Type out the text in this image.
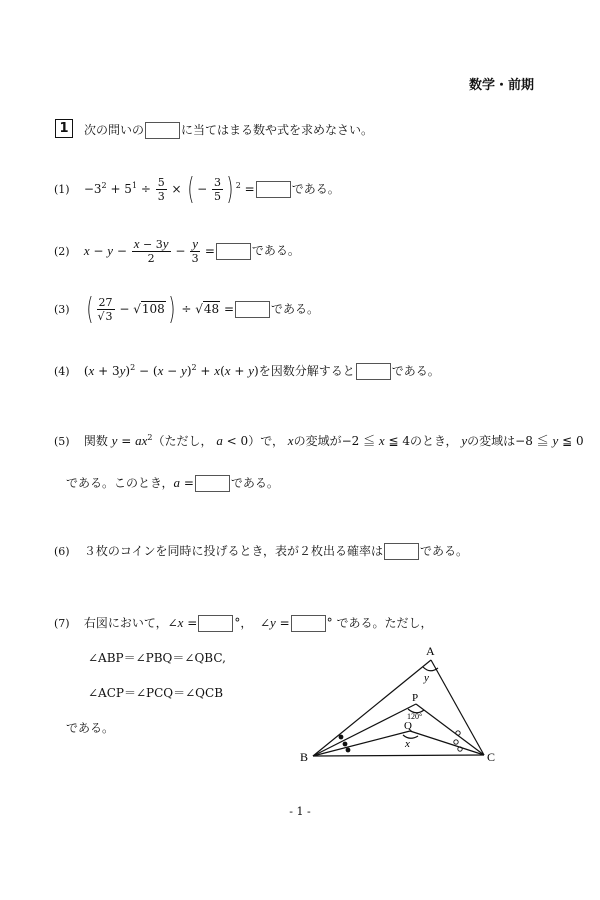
数学・前期
1	次の問いの	に当てはまる数や式を求めなさい。
$(1) -3^2 + 5^1 \div \frac{5}{3}$ × ( − $\frac{3}{5}$ ) $^2$ =	である。
(2) $x - y - \frac{x - 3y}{2} - \frac{y}{3}$ =	である。
(3) ( $\frac{27}{√3} - √108$ ) ÷ √48 =	である。
(4) $(x + 3y)^2 - (x - y)^2 + x(x + y)$を因数分解すると	である。
(5) 関数 $y = ax^2$（ただし， a < 0）で， xの変域が−2 ≦ x ≦ 4のとき， yの変域は−8 ≦ y ≦ 0
である。このとき，a =	である。
(6) ３枚のコインを同時に投げるとき，表が２枚出る確率は	である。
(7) 右図において，∠x =	°，  ∠y =	° である。ただし，
∠ABP＝∠PBQ＝∠QBC,
∠ACP＝∠PCQ＝∠QCB
である。
A
B	C
P
Q
y
120°
x
- 1 -
